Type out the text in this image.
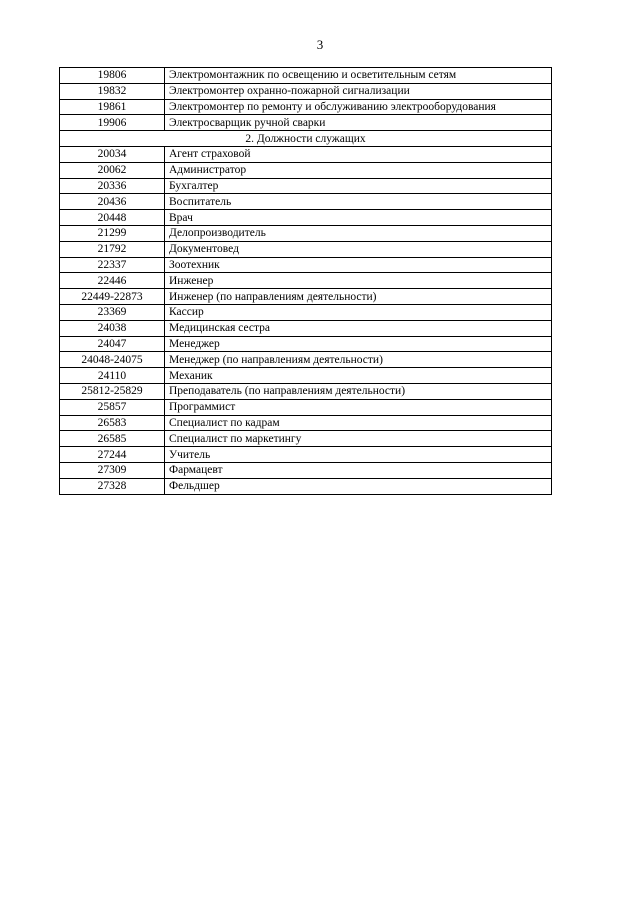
3
19806	Электромонтажник по освещению и осветительным сетям
19832	Электромонтер охранно-пожарной сигнализации
19861	Электромонтер по ремонту и обслуживанию электрооборудования
19906	Электросварщик ручной сварки
2. Должности служащих	
20034	Агент страховой
20062	Администратор
20336	Бухгалтер
20436	Воспитатель
20448	Врач
21299	Делопроизводитель
21792	Документовед
22337	Зоотехник
22446	Инженер
22449-22873	Инженер (по направлениям деятельности)
23369	Кассир
24038	Медицинская сестра
24047	Менеджер
24048-24075	Менеджер (по направлениям деятельности)
24110	Механик
25812-25829	Преподаватель (по направлениям деятельности)
25857	Программист
26583	Специалист по кадрам
26585	Специалист по маркетингу
27244	Учитель
27309	Фармацевт
27328	Фельдшер
